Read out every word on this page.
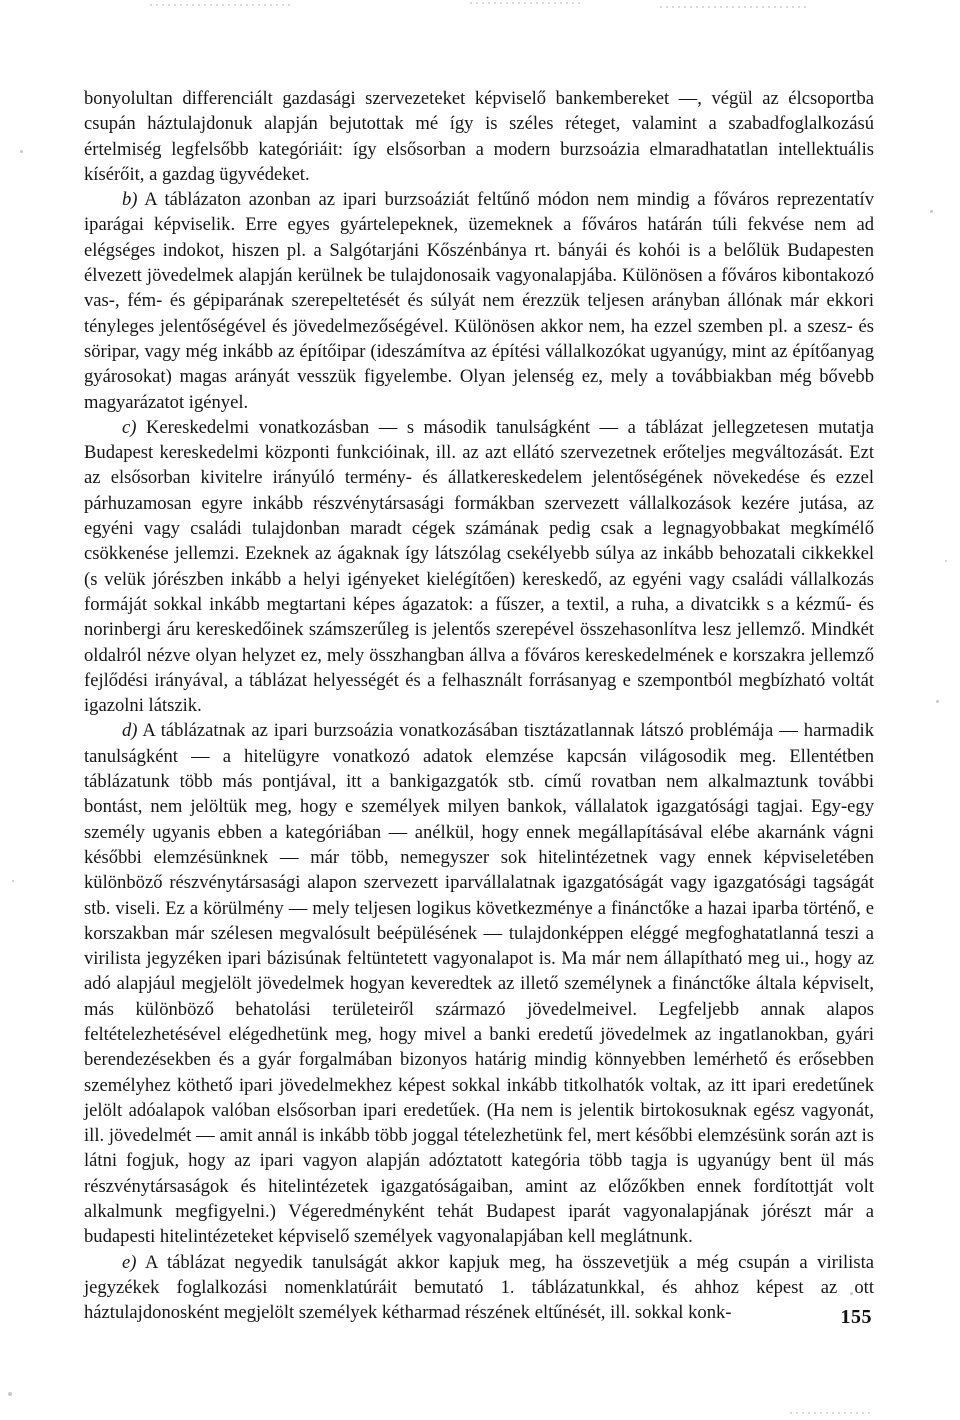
bonyolultan differenciált gazdasági szervezeteket képviselő bankembereket —, végül az élcsoportba csupán háztulajdonuk alapján bejutottak mé így is széles réteget, valamint a szabadfoglalkozású értelmiség legfelsőbb kategóriáit: így elsősorban a modern burzsoázia elmaradhatatlan intellektuális kísérőit, a gazdag ügyvédeket.

b) A táblázaton azonban az ipari burzsoáziát feltűnő módon nem mindig a főváros reprezentatív iparágai képviselik. Erre egyes gyártelepeknek, üzemeknek a főváros határán túli fekvése nem ad elégséges indokot, hiszen pl. a Salgótarjáni Kőszénbánya rt. bányái és kohói is a belőlük Budapesten élvezett jövedelmek alapján kerülnek be tulajdonosaik vagyonalapjába. Különösen a főváros kibontakozó vas-, fém- és gépiparának szerepeltetését és súlyát nem érezzük teljesen arányban állónak már ekkori tényleges jelentőségével és jövedelmezőségével. Különösen akkor nem, ha ezzel szemben pl. a szesz- és söripar, vagy még inkább az építőipar (ideszámítva az építési vállalkozókat ugyanúgy, mint az építőanyag gyárosokat) magas arányát vesszük figyelembe. Olyan jelenség ez, mely a továbbiakban még bővebb magyarázatot igényel.

c) Kereskedelmi vonatkozásban — s második tanulságként — a táblázat jellegzetesen mutatja Budapest kereskedelmi központi funkcióinak, ill. az azt ellátó szervezetnek erőteljes megváltozását. Ezt az elsősorban kivitelre irányúló termény- és állatkereskedelem jelentőségének növekedése és ezzel párhuzamosan egyre inkább részvénytársasági formákban szervezett vállalkozások kezére jutása, az egyéni vagy családi tulajdonban maradt cégek számának pedig csak a legnagyobbakat megkímélő csökkenése jellemzi. Ezeknek az ágaknak így látszólag csekélyebb súlya az inkább behozatali cikkekkel (s velük jórészben inkább a helyi igényeket kielégítően) kereskedő, az egyéni vagy családi vállalkozás formáját sokkal inkább megtartani képes ágazatok: a fűszer, a textil, a ruha, a divatcikk s a kézmű- és norinbergi áru kereskedőinek számszerűleg is jelentős szerepével összehasonlítva lesz jellemző. Mindkét oldalról nézve olyan helyzet ez, mely összhangban állva a főváros kereskedelmének e korszakra jellemző fejlődési irányával, a táblázat helyességét és a felhasznált forrásanyag e szempontból megbízható voltát igazolni látszik.

d) A táblázatnak az ipari burzsoázia vonatkozásában tisztázatlannak látszó problémája — harmadik tanulságként — a hitelügyre vonatkozó adatok elemzése kapcsán világosodik meg. Ellentétben táblázatunk több más pontjával, itt a bankigazgatók stb. című rovatban nem alkalmaztunk további bontást, nem jelöltük meg, hogy e személyek milyen bankok, vállalatok igazgatósági tagjai. Egy-egy személy ugyanis ebben a kategóriában — anélkül, hogy ennek megállapításával elébe akarnánk vágni későbbi elemzésünknek — már több, nemegyszer sok hitelintézetnek vagy ennek képviseletében különböző részvénytársasági alapon szervezett iparvállalatnak igazgatóságát vagy igazgatósági tagságát stb. viseli. Ez a körülmény — mely teljesen logikus következménye a finánctőke a hazai iparba történő, e korszakban már szélesen megvalósult beépülésének — tulajdonképpen eléggé megfoghatatlanná teszi a virilista jegyzéken ipari bázisúnak feltüntetett vagyonalapot is. Ma már nem állapítható meg ui., hogy az adó alapjául megjelölt jövedelmek hogyan keveredtek az illető személynek a finánctőke általa képviselt, más különböző behatolási területeiről származó jövedelmeivel. Legfeljebb annak alapos feltételezhetésével elégedhetünk meg, hogy mivel a banki eredetű jövedelmek az ingatlanokban, gyári berendezésekben és a gyár forgalmában bizonyos határig mindig könnyebben lemérhető és erősebben személyhez köthető ipari jövedelmekhez képest sokkal inkább titkolhatók voltak, az itt ipari eredetűnek jelölt adóalapok valóban elsősorban ipari eredetűek. (Ha nem is jelentik birtokosuknak egész vagyonát, ill. jövedelmét — amit annál is inkább több joggal tételezhetünk fel, mert későbbi elemzésünk során azt is látni fogjuk, hogy az ipari vagyon alapján adóztatott kategória több tagja is ugyanúgy bent ül más részvénytársaságok és hitelintézetek igazgatóságaiban, amint az előzőkben ennek fordítottját volt alkalmunk megfigyelni.) Végeredményként tehát Budapest iparát vagyonalapjának jórészt már a budapesti hitelintézeteket képviselő személyek vagyonalapjában kell meglátnunk.

e) A táblázat negyedik tanulságát akkor kapjuk meg, ha összevetjük a még csupán a virilista jegyzékek foglalkozási nomenklatúráit bemutató 1. táblázatunkkal, és ahhoz képest az ott háztulajdonosként megjelölt személyek kétharmad részének eltűnését, ill. sokkal konk-	155
